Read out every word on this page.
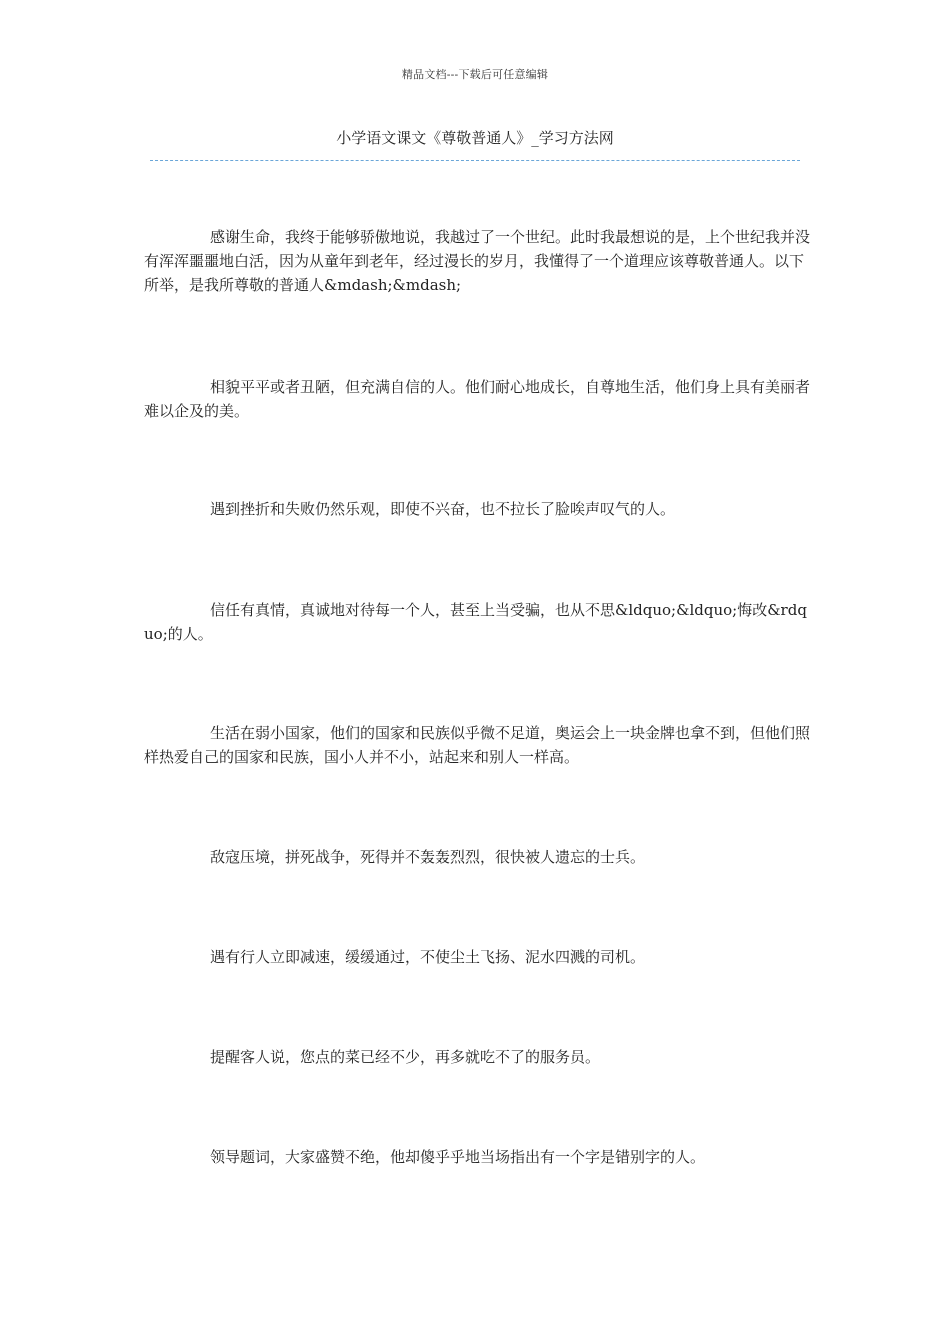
精品文档---下载后可任意编辑
小学语文课文《尊敬普通人》_学习方法网

感谢生命，我终于能够骄傲地说，我越过了一个世纪。此时我最想说的是，上个世纪我并没有浑浑噩噩地白活，因为从童年到老年，经过漫长的岁月，我懂得了一个道理应该尊敬普通人。以下所举，是我所尊敬的普通人&mdash;&mdash;

相貌平平或者丑陋，但充满自信的人。他们耐心地成长，自尊地生活，他们身上具有美丽者难以企及的美。

遇到挫折和失败仍然乐观，即使不兴奋，也不拉长了脸唉声叹气的人。

信任有真情，真诚地对待每一个人，甚至上当受骗，也从不思&ldquo;&ldquo;悔改&rdquo;的人。

生活在弱小国家，他们的国家和民族似乎微不足道，奥运会上一块金牌也拿不到，但他们照样热爱自己的国家和民族，国小人并不小，站起来和别人一样高。

敌寇压境，拼死战争，死得并不轰轰烈烈，很快被人遗忘的士兵。

遇有行人立即减速，缓缓通过，不使尘土飞扬、泥水四溅的司机。

提醒客人说，您点的菜已经不少，再多就吃不了的服务员。

领导题词，大家盛赞不绝，他却傻乎乎地当场指出有一个字是错别字的人。
